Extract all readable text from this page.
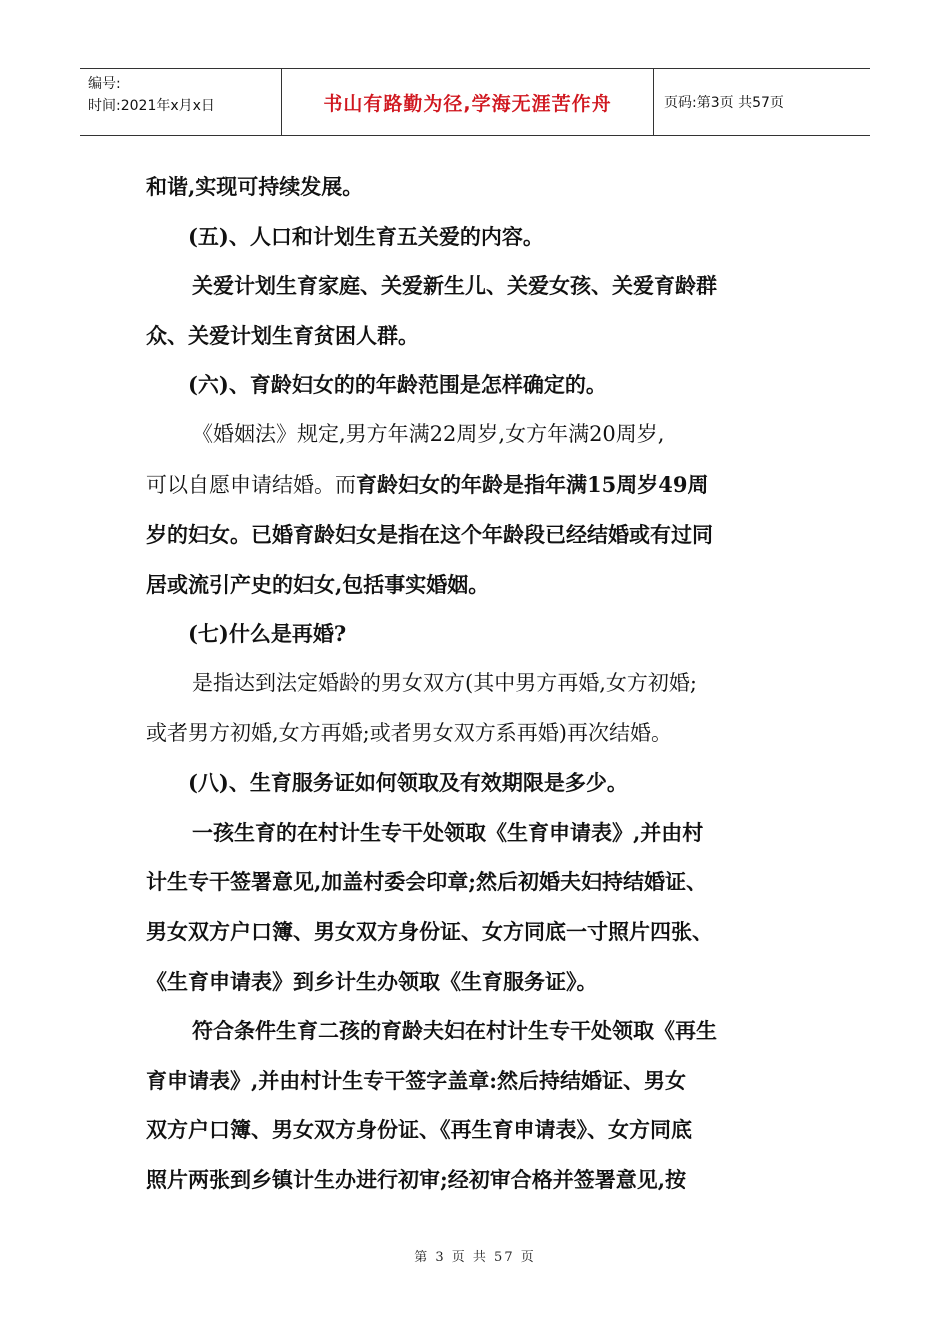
编号:
时间:2021年x月x日	书山有路勤为径,学海无涯苦作舟	页码:第3页 共57页

和谐,实现可持续发展。

(五)、人口和计划生育五关爱的内容。

关爱计划生育家庭、关爱新生儿、关爱女孩、关爱育龄群

众、关爱计划生育贫困人群。

(六)、育龄妇女的的年龄范围是怎样确定的。

《婚姻法》规定,男方年满22周岁,女方年满20周岁,

可以自愿申请结婚。而育龄妇女的年龄是指年满15周岁49周

岁的妇女。已婚育龄妇女是指在这个年龄段已经结婚或有过同

居或流引产史的妇女,包括事实婚姻。

(七)什么是再婚?

是指达到法定婚龄的男女双方(其中男方再婚,女方初婚;

或者男方初婚,女方再婚;或者男女双方系再婚)再次结婚。

(八)、生育服务证如何领取及有效期限是多少。

一孩生育的在村计生专干处领取《生育申请表》,并由村

计生专干签署意见,加盖村委会印章;然后初婚夫妇持结婚证、

男女双方户口簿、男女双方身份证、女方同底一寸照片四张、

《生育申请表》到乡计生办领取《生育服务证》。

符合条件生育二孩的育龄夫妇在村计生专干处领取《再生

育申请表》,并由村计生专干签字盖章:然后持结婚证、男女

双方户口簿、男女双方身份证、《再生育申请表》、女方同底

照片两张到乡镇计生办进行初审;经初审合格并签署意见,按

第 3 页 共 57 页
